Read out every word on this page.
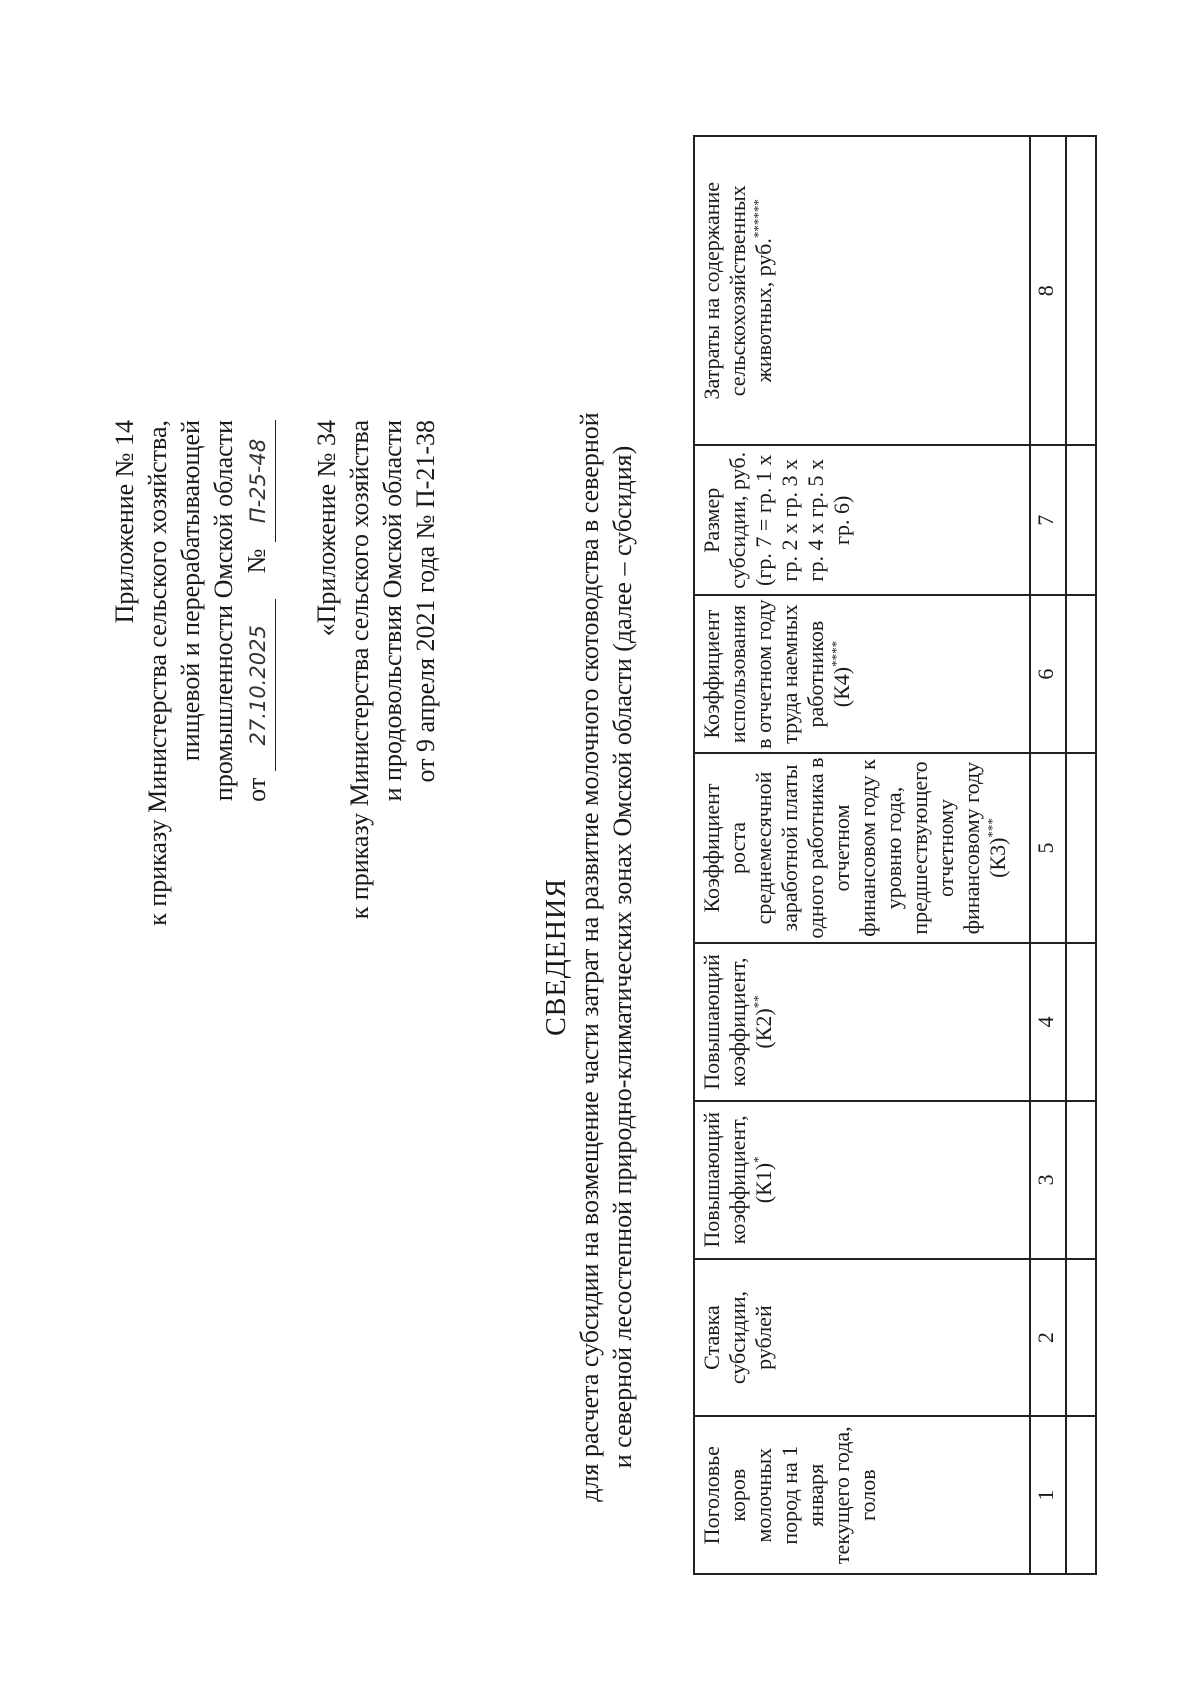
Приложение № 14 к приказу Министерства сельского хозяйства, пищевой и перерабатывающей промышленности Омской области от 27.10.2025    № П-25-48 «Приложение № 34 к приказу Министерства сельского хозяйства и продовольствия Омской области от 9 апреля 2021 года № П-21-38
СВЕДЕНИЯ для расчета субсидии на возмещение части затрат на развитие молочного скотоводства в северной и северной лесостепной природно-климатических зонах Омской области (далее – субсидия)
Поголовье коров молочных пород на 1 января текущего года, голов	Ставка субсидии, рублей	Повышающий коэффициент, (К1)*	Повышающий коэффициент, (К2)**	Коэффициент роста среднемесячной заработной платы одного работника в отчетном финансовом году к уровню года, предшествующего отчетному финансовому году (К3)***	Коэффициент использования в отчетном году труда наемных работников (К4)****	Размер субсидии, руб. (гр. 7 = гр. 1 х гр. 2 х гр. 3 х гр. 4 х гр. 5 х гр. 6)	Затраты на содержание сельскохозяйственных животных, руб.******
1	2	3	4	5	6	7	8
